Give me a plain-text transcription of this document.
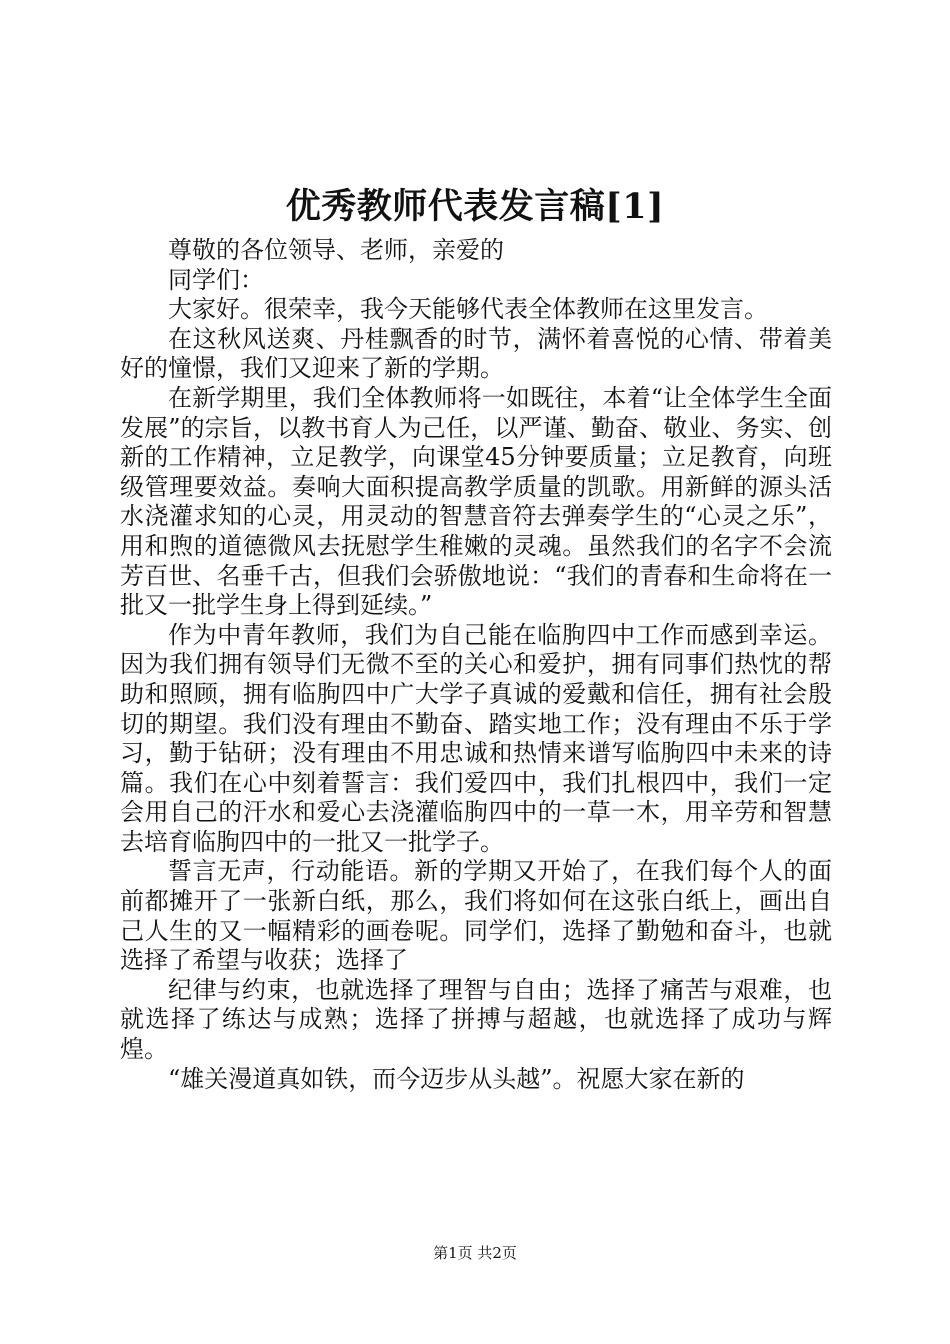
优秀教师代表发言稿[1]

尊敬的各位领导、老师，亲爱的

同学们：

大家好。很荣幸，我今天能够代表全体教师在这里发言。

在这秋风送爽、丹桂飘香的时节，满怀着喜悦的心情、带着美好的憧憬，我们又迎来了新的学期。

在新学期里，我们全体教师将一如既往，本着“让全体学生全面发展”的宗旨，以教书育人为己任，以严谨、勤奋、敬业、务实、创新的工作精神，立足教学，向课堂45分钟要质量；立足教育，向班级管理要效益。奏响大面积提高教学质量的凯歌。用新鲜的源头活水浇灌求知的心灵，用灵动的智慧音符去弹奏学生的“心灵之乐”，用和煦的道德微风去抚慰学生稚嫩的灵魂。虽然我们的名字不会流芳百世、名垂千古，但我们会骄傲地说：“我们的青春和生命将在一批又一批学生身上得到延续。”

作为中青年教师，我们为自己能在临朐四中工作而感到幸运。因为我们拥有领导们无微不至的关心和爱护，拥有同事们热忱的帮助和照顾，拥有临朐四中广大学子真诚的爱戴和信任，拥有社会殷切的期望。我们没有理由不勤奋、踏实地工作；没有理由不乐于学习，勤于钻研；没有理由不用忠诚和热情来谱写临朐四中未来的诗篇。我们在心中刻着誓言：我们爱四中，我们扎根四中，我们一定会用自己的汗水和爱心去浇灌临朐四中的一草一木，用辛劳和智慧去培育临朐四中的一批又一批学子。

誓言无声，行动能语。新的学期又开始了，在我们每个人的面前都摊开了一张新白纸，那么，我们将如何在这张白纸上，画出自己人生的又一幅精彩的画卷呢。同学们，选择了勤勉和奋斗，也就选择了希望与收获；选择了

纪律与约束，也就选择了理智与自由；选择了痛苦与艰难，也就选择了练达与成熟；选择了拼搏与超越，也就选择了成功与辉煌。

“雄关漫道真如铁，而今迈步从头越”。祝愿大家在新的

第1页 共2页
